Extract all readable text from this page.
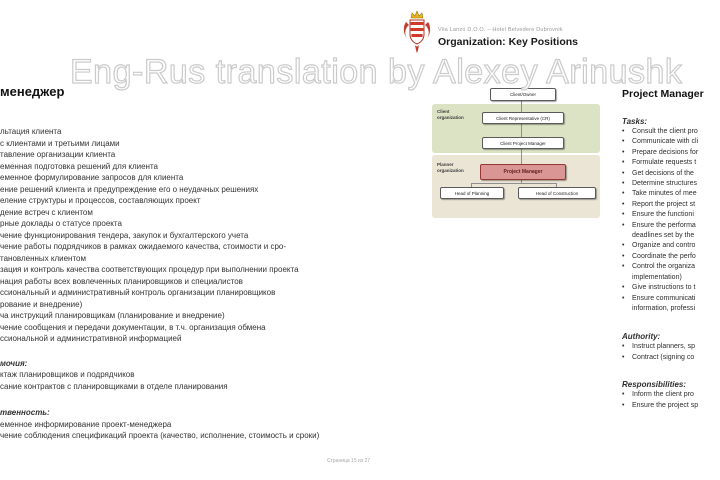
Vila Lanzo D.O.O. – Hotel Belvedere Dubrovnik
Organization: Key Positions
Eng-Rus translation by Alexey Arinushk
менеджер
льтация клиента
с клиентами и третьими лицами
тавление организации клиента
еменная подготовка решений для клиента
еменное формулирование запросов для клиента
ение решений клиента и предупреждение его о неудачных решениях
еление структуры и процессов, составляющих проект
дение встреч с клиентом
рные доклады о статусе проекта
чение функционирования тендера, закупок и бухгалтерского учета
чение работы подрядчиков в рамках ожидаемого качества, стоимости и сро-
тановленных клиентом
зация и контроль качества соответствующих процедур при выполнении проекта
нация работы всех вовлеченных планировщиков и специалистов
ссиональный и административный контроль организации планировщиков
рование и внедрение)
ча инструкций планировщикам (планирование и внедрение)
чение сообщения и передачи документации, в т.ч. организация обмена
ссиональной и административной информацией
мочия:
ктаж планировщиков и подрядчиков
сание контрактов с планировщиками в отделе планирования
твенность:
еменное информирование проект-менеджера
чение соблюдения спецификаций проекта (качество, исполнение, стоимость и сроки)
Client organization
Planner organization
Client/Owner
Client Representative (CR)
Client Project Manager
Project Manager
Head of Planning	Head of Construction
Project Manager
Tasks:
•	Consult the client pro
•	Communicate with cli
•	Prepare decisions for
•	Formulate requests t
•	Get decisions of the
•	Determine structures
•	Take minutes of mee
•	Report the project st
•	Ensure the functioni
•	Ensure the performa
deadlines set by the
•	Organize and contro
•	Coordinate the perfo
•	Control the organiza
implementation)
•	Give instructions to t
•	Ensure communicati
information, professi
Authority:
•	Instruct planners, sp
•	Contract (signing co
Responsibilities:
•	Inform the client pro
•	Ensure the project sp
Страница 15 из 27
